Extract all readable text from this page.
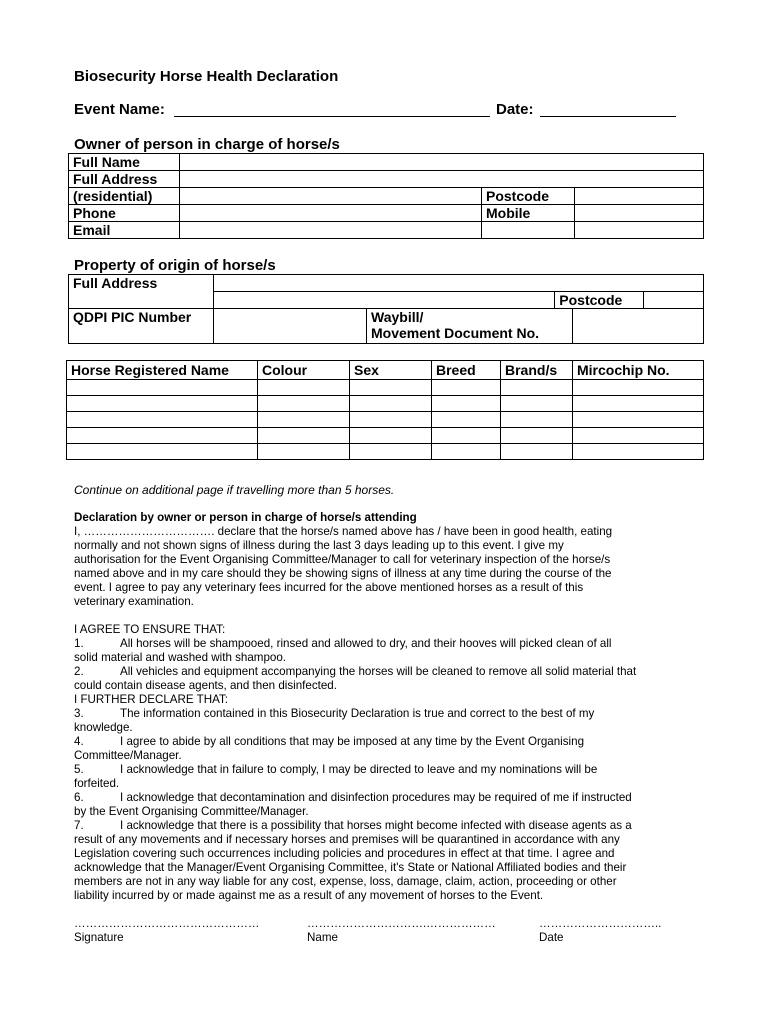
Biosecurity Horse Health Declaration
Event Name:	Date:
Owner of person in charge of horse/s
Full Name			
Full Address			
(residential)		Postcode	
Phone		Mobile	
Email			
Property of origin of horse/s
Full Address	

Postcode	

QDPI PIC Number			Waybill/
Movement Document No.

Horse Registered Name	Colour	Sex	Breed	Brand/s	Mircochip No.

Continue on additional page if travelling more than 5 horses.
Declaration by owner or person in charge of horse/s attending
I, ……………………………. declare that the horse/s named above has / have been in good health, eating
normally and not shown signs of illness during the last 3 days leading up to this event. I give my
authorisation for the Event Organising Committee/Manager to call for veterinary inspection of the horse/s
named above and in my care should they be showing signs of illness at any time during the course of the
event. I agree to pay any veterinary fees incurred for the above mentioned horses as a result of this
veterinary examination.
I AGREE TO ENSURE THAT:
1.	All horses will be shampooed, rinsed and allowed to dry, and their hooves will picked clean of all
solid material and washed with shampoo.
2.	All vehicles and equipment accompanying the horses will be cleaned to remove all solid material that
could contain disease agents, and then disinfected.
I FURTHER DECLARE THAT:
3.	The information contained in this Biosecurity Declaration is true and correct to the best of my
knowledge.
4.	I agree to abide by all conditions that may be imposed at any time by the Event Organising
Committee/Manager.
5.	I acknowledge that in failure to comply, I may be directed to leave and my nominations will be
forfeited.
6.	I acknowledge that decontamination and disinfection procedures may be required of me if instructed
by the Event Organising Committee/Manager.
7.	I acknowledge that there is a possibility that horses might become infected with disease agents as a
result of any movements and if necessary horses and premises will be quarantined in accordance with any
Legislation covering such occurrences including policies and procedures in effect at that time. I agree and
acknowledge that the Manager/Event Organising Committee, it's State or National Affiliated bodies and their
members are not in any way liable for any cost, expense, loss, damage, claim, action, proceeding or other
liability incurred by or made against me as a result of any movement of horses to the Event.
…………………………………………	………………………….………………	…………………………..
Signature	Name	Date
